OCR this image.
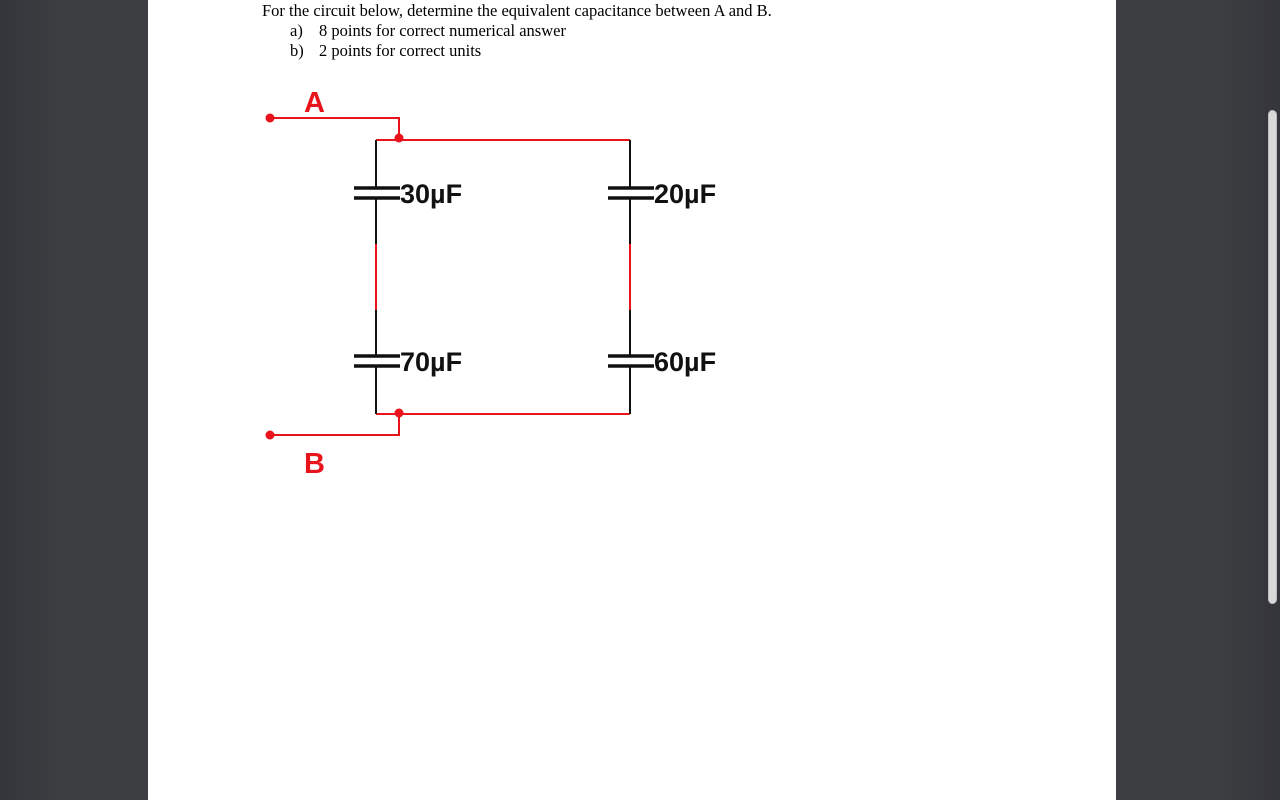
For the circuit below, determine the equivalent capacitance between A and B.
a) 8 points for correct numerical answer
b) 2 points for correct units
A
B
30µF	20µF
70µF	60µF
